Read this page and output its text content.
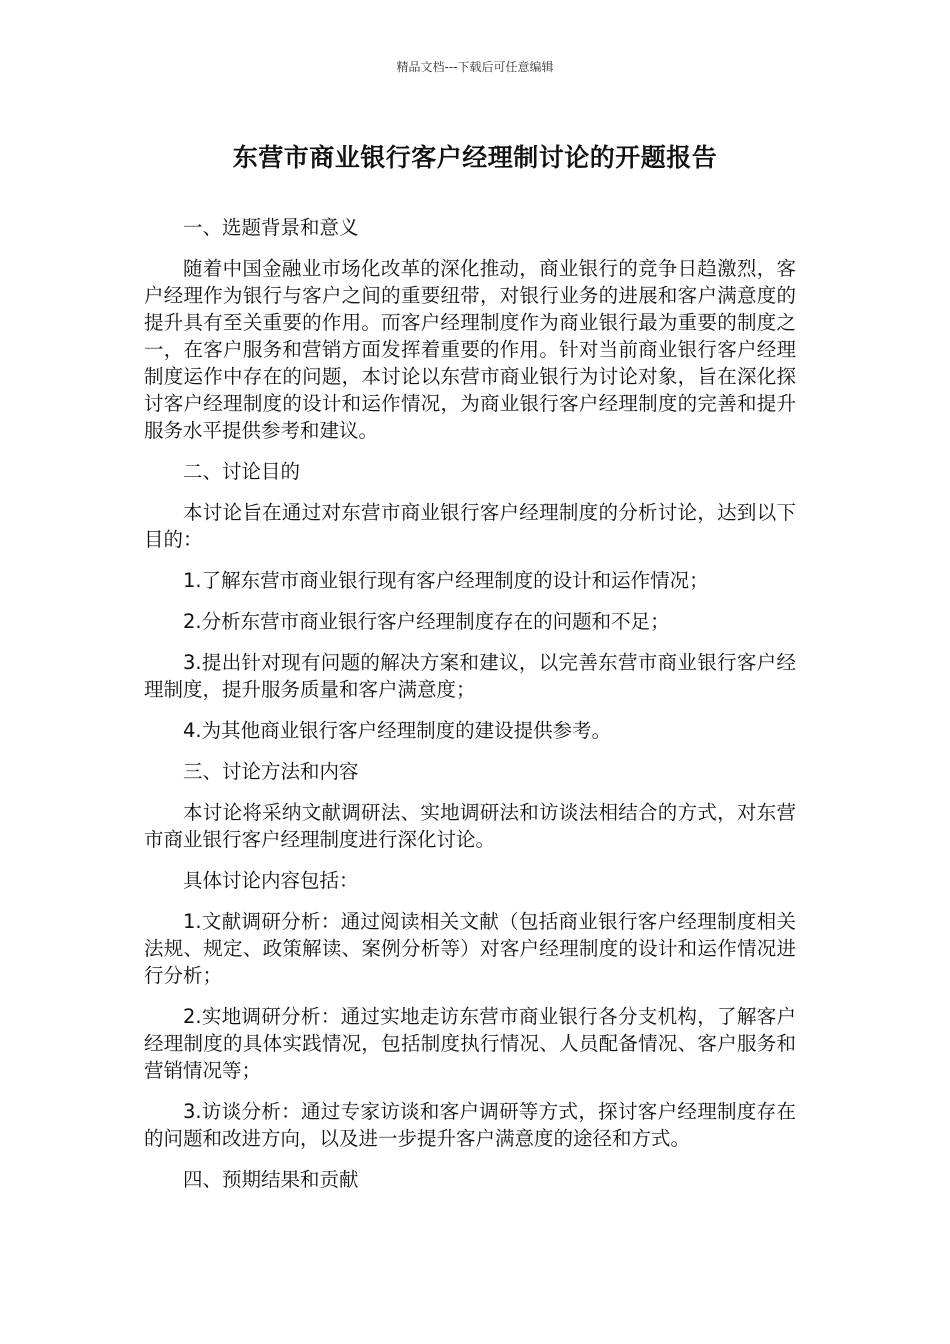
精品文档---下载后可任意编辑
东营市商业银行客户经理制讨论的开题报告

一、选题背景和意义

随着中国金融业市场化改革的深化推动，商业银行的竞争日趋激烈，客户经理作为银行与客户之间的重要纽带，对银行业务的进展和客户满意度的提升具有至关重要的作用。而客户经理制度作为商业银行最为重要的制度之一，在客户服务和营销方面发挥着重要的作用。针对当前商业银行客户经理制度运作中存在的问题，本讨论以东营市商业银行为讨论对象，旨在深化探讨客户经理制度的设计和运作情况，为商业银行客户经理制度的完善和提升服务水平提供参考和建议。

二、讨论目的

本讨论旨在通过对东营市商业银行客户经理制度的分析讨论，达到以下目的：

1.了解东营市商业银行现有客户经理制度的设计和运作情况；

2.分析东营市商业银行客户经理制度存在的问题和不足；

3.提出针对现有问题的解决方案和建议，以完善东营市商业银行客户经理制度，提升服务质量和客户满意度；

4.为其他商业银行客户经理制度的建设提供参考。

三、讨论方法和内容

本讨论将采纳文献调研法、实地调研法和访谈法相结合的方式，对东营市商业银行客户经理制度进行深化讨论。

具体讨论内容包括：

1.文献调研分析：通过阅读相关文献（包括商业银行客户经理制度相关法规、规定、政策解读、案例分析等）对客户经理制度的设计和运作情况进行分析；

2.实地调研分析：通过实地走访东营市商业银行各分支机构，了解客户经理制度的具体实践情况，包括制度执行情况、人员配备情况、客户服务和营销情况等；

3.访谈分析：通过专家访谈和客户调研等方式，探讨客户经理制度存在的问题和改进方向，以及进一步提升客户满意度的途径和方式。

四、预期结果和贡献
